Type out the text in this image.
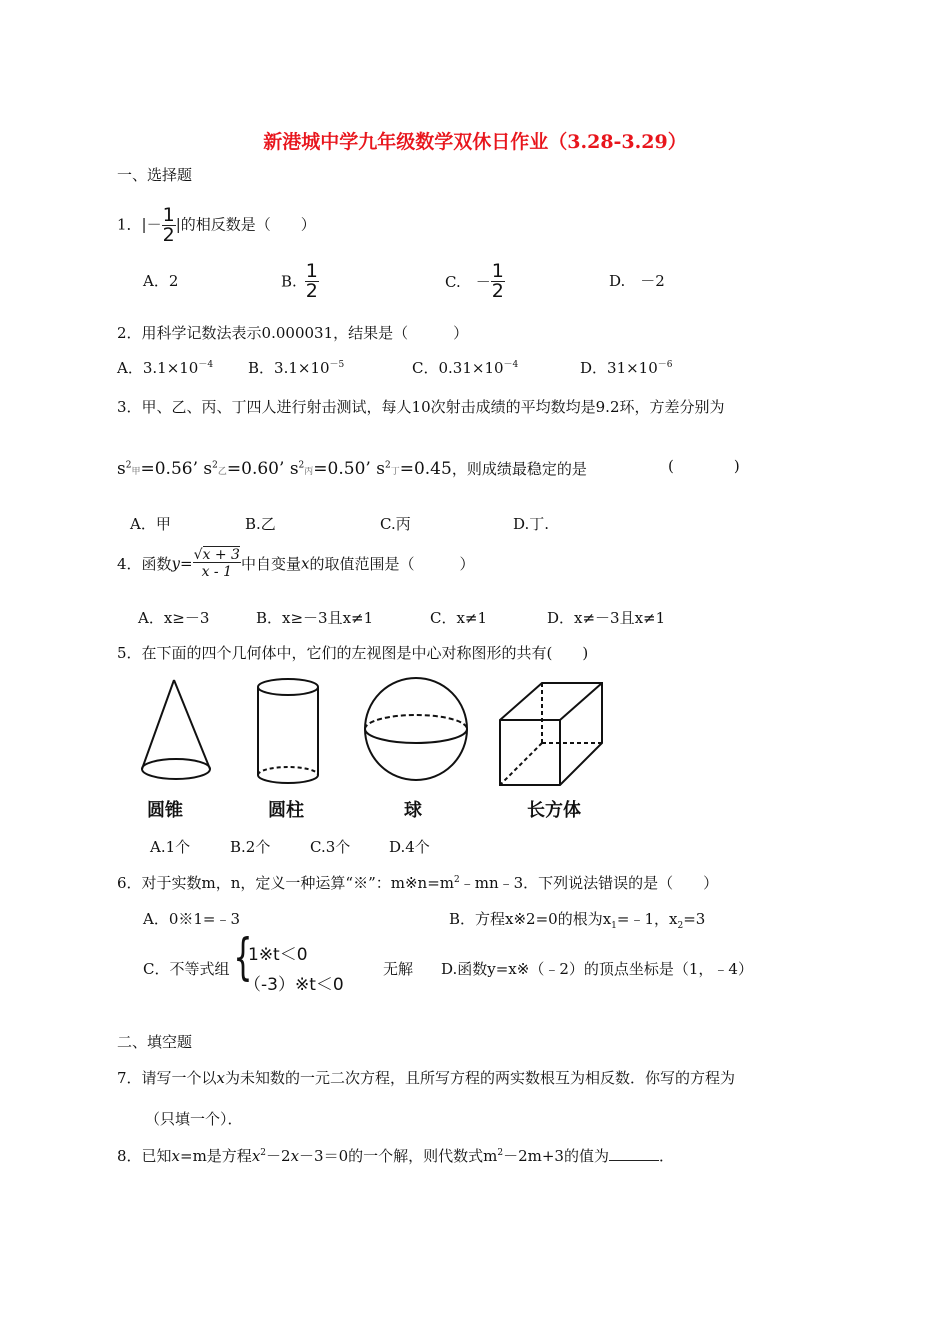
新港城中学九年级数学双休日作业（3.28-3.29）
一、选择题
1．|－ $\frac{1}{2}$ |的相反数是（　　）
A．2	B. $\frac{1}{2}$	C.　－ $\frac{1}{2}$	D.　－2
2．用科学记数法表示0.000031，结果是（　　　）
A．$3.1\times 10^{-4}$ B．$3.1\times 10^{-5}$	C．$0.31\times 10^{-4}$	D．$31\times 10^{-6}$
3．甲、乙、丙、丁四人进行射击测试，每人10次射击成绩的平均数均是9.2环，方差分别为
$s^2$甲=0.56’ $s^2$乙=0.60’ $s^2$丙=0.50’ $s^2$丁=0.45，则成绩最稳定的是	(　　　　)
A．甲	B.乙	C.丙	D.丁.
4．函数$y= \frac{√x + 3}{x - 1}$ 中自变量x的取值范围是（　　　）
A．x≥－3	B．x≥－3且x≠1	C．x≠1	D．x≠－3且x≠1
5．在下面的四个几何体中，它们的左视图是中心对称图形的共有(　　)
圆锥	圆柱	球	长方体
A.1个	B.2个	C.3个	D.4个
6．对于实数m，n，定义一种运算“※”：$m※n=m^2﹣mn﹣3$．下列说法错误的是（　　）
A．0※1=﹣3	B．方程x※2=0的根为$x_1=﹣1$，$x_2=3$
C．不等式组 {
1※t＜0
（-3）※t＜0
无解 D.函数y=x※（﹣2）的顶点坐标是（1，﹣4）
二、填空题
7．请写一个以x为未知数的一元二次方程，且所写方程的两实数根互为相反数．你写的方程为
（只填一个）．
8．已知x=m是方程$x^2-2x-3=0$的一个解，则代数式$m^2-2m+3$的值为	．
